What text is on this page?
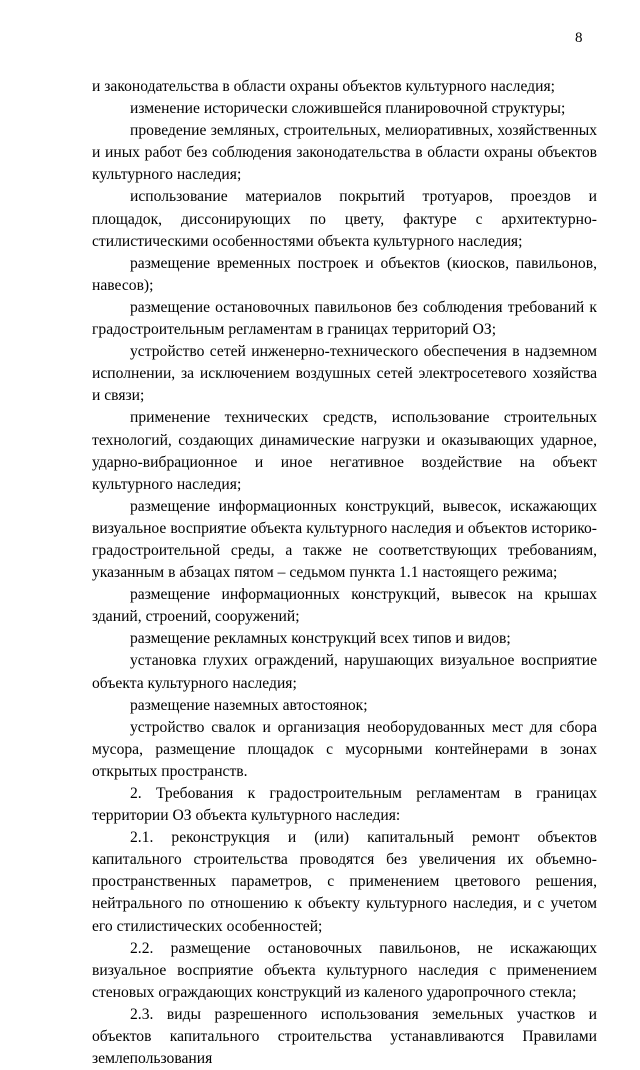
8

и законодательства в области охраны объектов культурного наследия;

изменение исторически сложившейся планировочной структуры;

проведение земляных, строительных, мелиоративных, хозяйственных и иных работ без соблюдения законодательства в области охраны объектов культурного наследия;

использование материалов покрытий тротуаров, проездов и площадок, диссонирующих по цвету, фактуре с архитектурно-стилистическими особенностями объекта культурного наследия;

размещение временных построек и объектов (киосков, павильонов, навесов);

размещение остановочных павильонов без соблюдения требований к градостроительным регламентам в границах территорий ОЗ;

устройство сетей инженерно-технического обеспечения в надземном исполнении, за исключением воздушных сетей электросетевого хозяйства и связи;

применение технических средств, использование строительных технологий, создающих динамические нагрузки и оказывающих ударное, ударно-вибрационное и иное негативное воздействие на объект культурного наследия;

размещение информационных конструкций, вывесок, искажающих визуальное восприятие объекта культурного наследия и объектов историко-градостроительной среды, а также не соответствующих требованиям, указанным в абзацах пятом – седьмом пункта 1.1 настоящего режима;

размещение информационных конструкций, вывесок на крышах зданий, строений, сооружений;

размещение рекламных конструкций всех типов и видов;

установка глухих ограждений, нарушающих визуальное восприятие объекта культурного наследия;

размещение наземных автостоянок;

устройство свалок и организация необорудованных мест для сбора мусора, размещение площадок с мусорными контейнерами в зонах открытых пространств.

2. Требования к градостроительным регламентам в границах территории ОЗ объекта культурного наследия:

2.1. реконструкция и (или) капитальный ремонт объектов капитального строительства проводятся без увеличения их объемно-пространственных параметров, с применением цветового решения, нейтрального по отношению к объекту культурного наследия, и с учетом его стилистических особенностей;

2.2. размещение остановочных павильонов, не искажающих визуальное восприятие объекта культурного наследия с применением стеновых ограждающих конструкций из каленого ударопрочного стекла;

2.3. виды разрешенного использования земельных участков и объектов капитального строительства устанавливаются Правилами землепользования
